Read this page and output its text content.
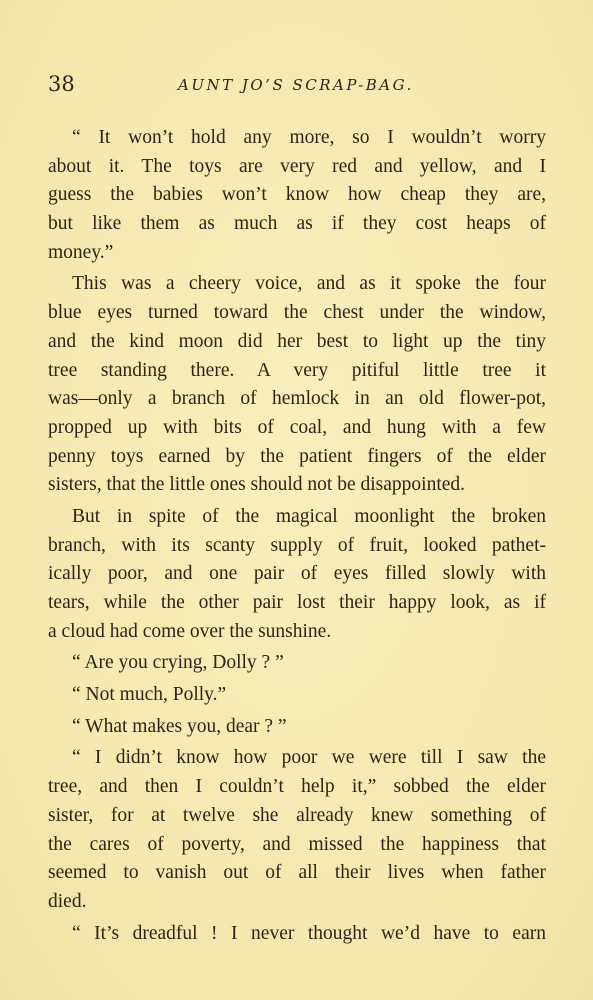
38	AUNT JO’S SCRAP-BAG.
“ It won’t hold any more, so I wouldn’t worry
about it. The toys are very red and yellow, and I
guess the babies won’t know how cheap they are,
but like them as much as if they cost heaps of
money.”
This was a cheery voice, and as it spoke the four
blue eyes turned toward the chest under the window,
and the kind moon did her best to light up the tiny
tree standing there. A very pitiful little tree it
was—only a branch of hemlock in an old flower-pot,
propped up with bits of coal, and hung with a few
penny toys earned by the patient fingers of the elder
sisters, that the little ones should not be disappointed.
But in spite of the magical moonlight the broken
branch, with its scanty supply of fruit, looked pathet-
ically poor, and one pair of eyes filled slowly with
tears, while the other pair lost their happy look, as if
a cloud had come over the sunshine.
“ Are you crying, Dolly ? ”
“ Not much, Polly.”
“ What makes you, dear ? ”
“ I didn’t know how poor we were till I saw the
tree, and then I couldn’t help it,” sobbed the elder
sister, for at twelve she already knew something of
the cares of poverty, and missed the happiness that
seemed to vanish out of all their lives when father
died.
“ It’s dreadful ! I never thought we’d have to earn
